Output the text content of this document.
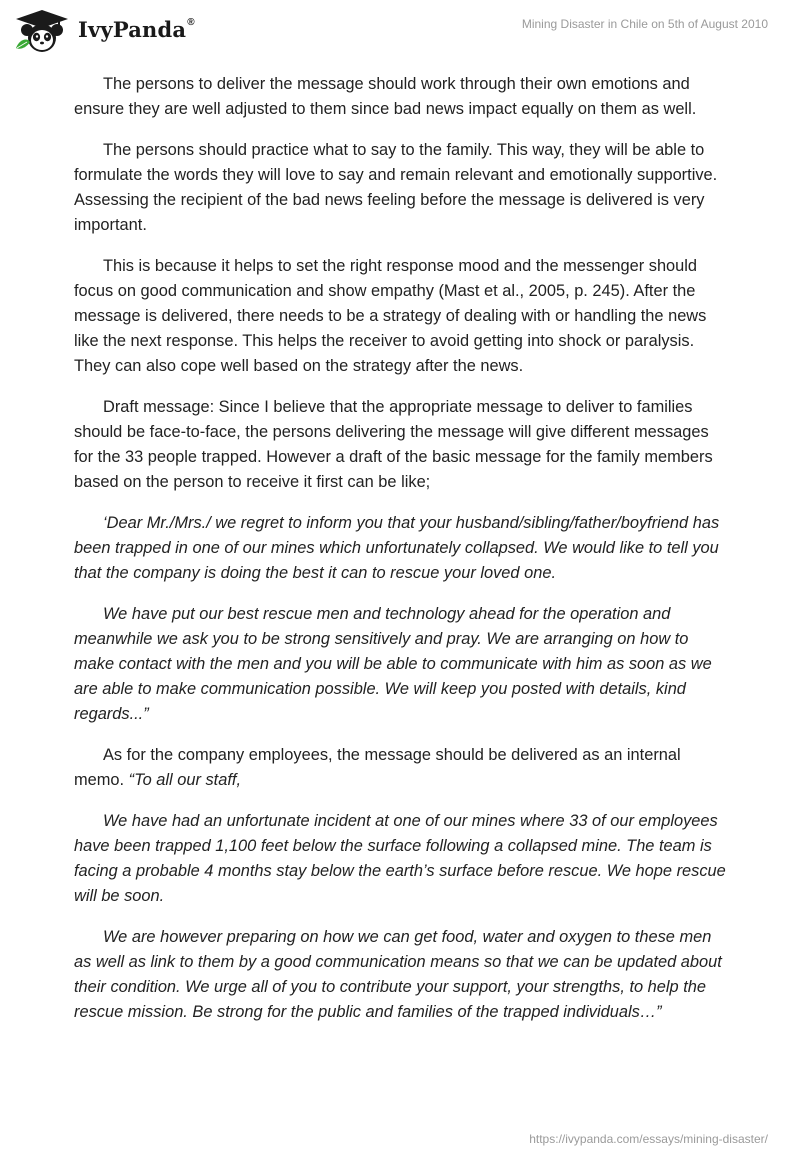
IvyPanda®	Mining Disaster in Chile on 5th of August 2010

The persons to deliver the message should work through their own emotions and ensure they are well adjusted to them since bad news impact equally on them as well.

The persons should practice what to say to the family. This way, they will be able to formulate the words they will love to say and remain relevant and emotionally supportive. Assessing the recipient of the bad news feeling before the message is delivered is very important.

This is because it helps to set the right response mood and the messenger should focus on good communication and show empathy (Mast et al., 2005, p. 245). After the message is delivered, there needs to be a strategy of dealing with or handling the news like the next response. This helps the receiver to avoid getting into shock or paralysis. They can also cope well based on the strategy after the news.

Draft message: Since I believe that the appropriate message to deliver to families should be face-to-face, the persons delivering the message will give different messages for the 33 people trapped. However a draft of the basic message for the family members based on the person to receive it first can be like;

‘Dear Mr./Mrs./ we regret to inform you that your husband/sibling/father/boyfriend has been trapped in one of our mines which unfortunately collapsed. We would like to tell you that the company is doing the best it can to rescue your loved one.

We have put our best rescue men and technology ahead for the operation and meanwhile we ask you to be strong sensitively and pray. We are arranging on how to make contact with the men and you will be able to communicate with him as soon as we are able to make communication possible. We will keep you posted with details, kind regards...”

As for the company employees, the message should be delivered as an internal memo. “To all our staff,

We have had an unfortunate incident at one of our mines where 33 of our employees have been trapped 1,100 feet below the surface following a collapsed mine. The team is facing a probable 4 months stay below the earth’s surface before rescue. We hope rescue will be soon.

We are however preparing on how we can get food, water and oxygen to these men as well as link to them by a good communication means so that we can be updated about their condition. We urge all of you to contribute your support, your strengths, to help the rescue mission. Be strong for the public and families of the trapped individuals…”

https://ivypanda.com/essays/mining-disaster/
